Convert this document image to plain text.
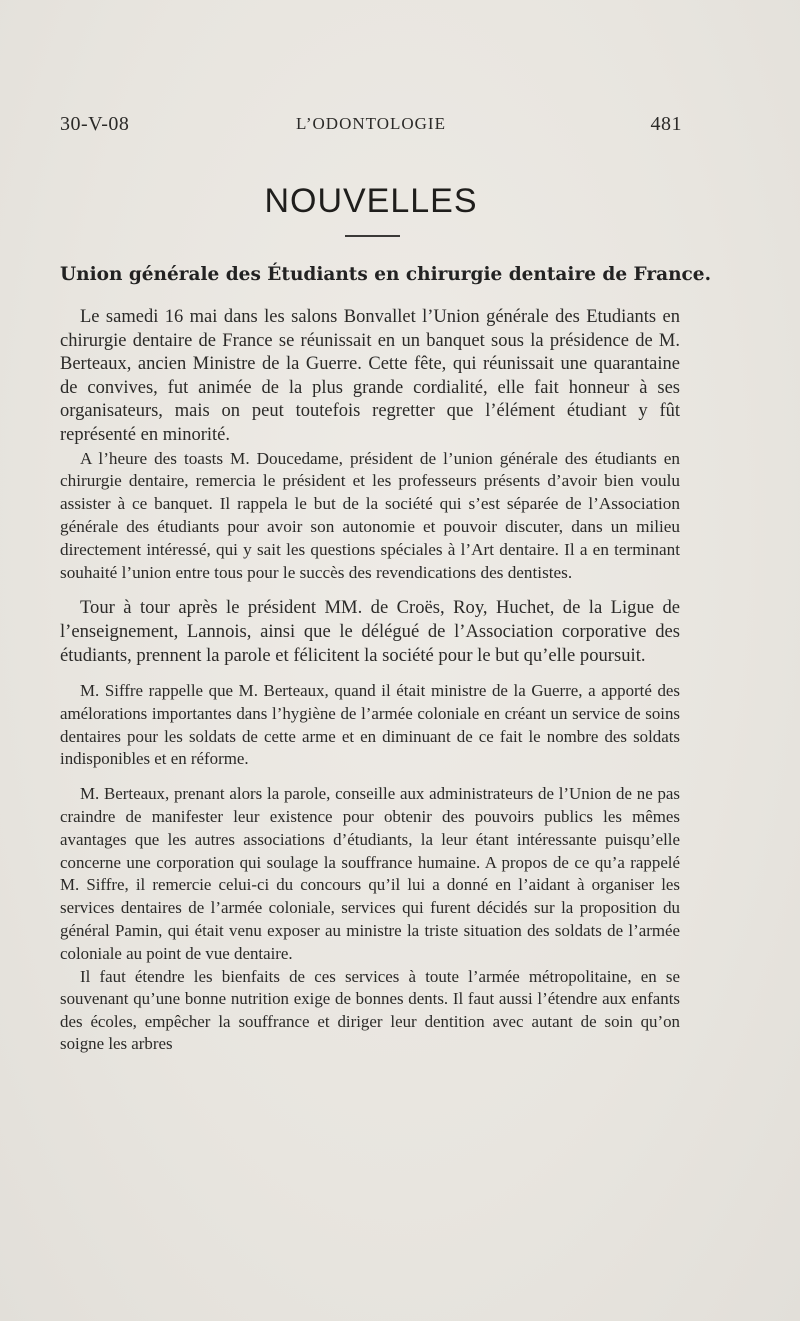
30-V-08	L’ODONTOLOGIE	481
NOUVELLES
Union générale des Étudiants en chirurgie dentaire de France.

Le samedi 16 mai dans les salons Bonvallet l’Union générale des Etudiants en chirurgie dentaire de France se réunissait en un banquet sous la présidence de M. Berteaux, ancien Ministre de la Guerre. Cette fête, qui réunissait une quarantaine de convives, fut animée de la plus grande cordialité, elle fait honneur à ses organisateurs, mais on peut toutefois regretter que l’élément étudiant y fût représenté en minorité.

A l’heure des toasts M. Doucedame, président de l’union générale des étudiants en chirurgie dentaire, remercia le président et les professeurs présents d’avoir bien voulu assister à ce banquet. Il rappela le but de la société qui s’est séparée de l’Association générale des étudiants pour avoir son autonomie et pouvoir discuter, dans un milieu directement intéressé, qui y sait les questions spéciales à l’Art dentaire. Il a en terminant souhaité l’union entre tous pour le succès des revendications des dentistes.

Tour à tour après le président MM. de Croës, Roy, Huchet, de la Ligue de l’enseignement, Lannois, ainsi que le délégué de l’Association corporative des étudiants, prennent la parole et félicitent la société pour le but qu’elle poursuit.

M. Siffre rappelle que M. Berteaux, quand il était ministre de la Guerre, a apporté des amélorations importantes dans l’hygiène de l’armée coloniale en créant un service de soins dentaires pour les soldats de cette arme et en diminuant de ce fait le nombre des soldats indisponibles et en réforme.

M. Berteaux, prenant alors la parole, conseille aux administrateurs de l’Union de ne pas craindre de manifester leur existence pour obtenir des pouvoirs publics les mêmes avantages que les autres associations d’étudiants, la leur étant intéressante puisqu’elle concerne une corporation qui soulage la souffrance humaine. A propos de ce qu’a rappelé M. Siffre, il remercie celui-ci du concours qu’il lui a donné en l’aidant à organiser les services dentaires de l’armée coloniale, services qui furent décidés sur la proposition du général Pamin, qui était venu exposer au ministre la triste situation des soldats de l’armée coloniale au point de vue dentaire.

Il faut étendre les bienfaits de ces services à toute l’armée métropolitaine, en se souvenant qu’une bonne nutrition exige de bonnes dents. Il faut aussi l’étendre aux enfants des écoles, empêcher la souffrance et diriger leur dentition avec autant de soin qu’on soigne les arbres
